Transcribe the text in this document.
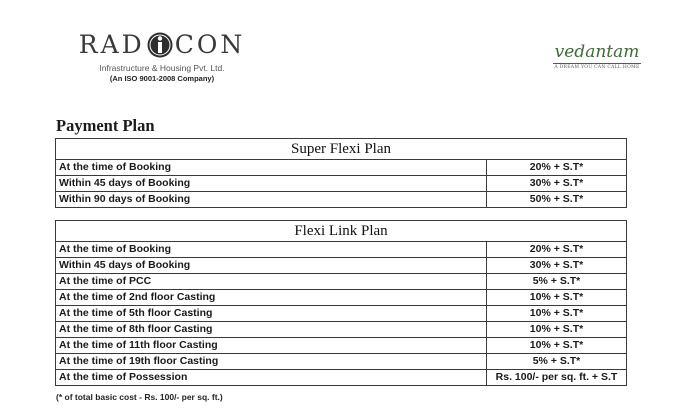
RAD CON
Infrastructure & Housing Pvt. Ltd.
(An ISO 9001-2008 Company)
vedantam
A DREAM YOU CAN CALL HOME
Payment Plan
Super Flexi Plan	
At the time of Booking	20% + S.T*
Within 45 days of Booking	30% + S.T*
Within 90 days of Booking	50% + S.T*
Flexi Link Plan	
At the time of Booking	20% + S.T*
Within 45 days of Booking	30% + S.T*
At the time of PCC	5% + S.T*
At the time of 2nd floor Casting	10% + S.T*
At the time of 5th floor Casting	10% + S.T*
At the time of 8th floor Casting	10% + S.T*
At the time of 11th floor Casting	10% + S.T*
At the time of 19th floor Casting	5% + S.T*
At the time of Possession	Rs. 100/- per sq. ft. + S.T
(* of total basic cost - Rs. 100/- per sq. ft.)
